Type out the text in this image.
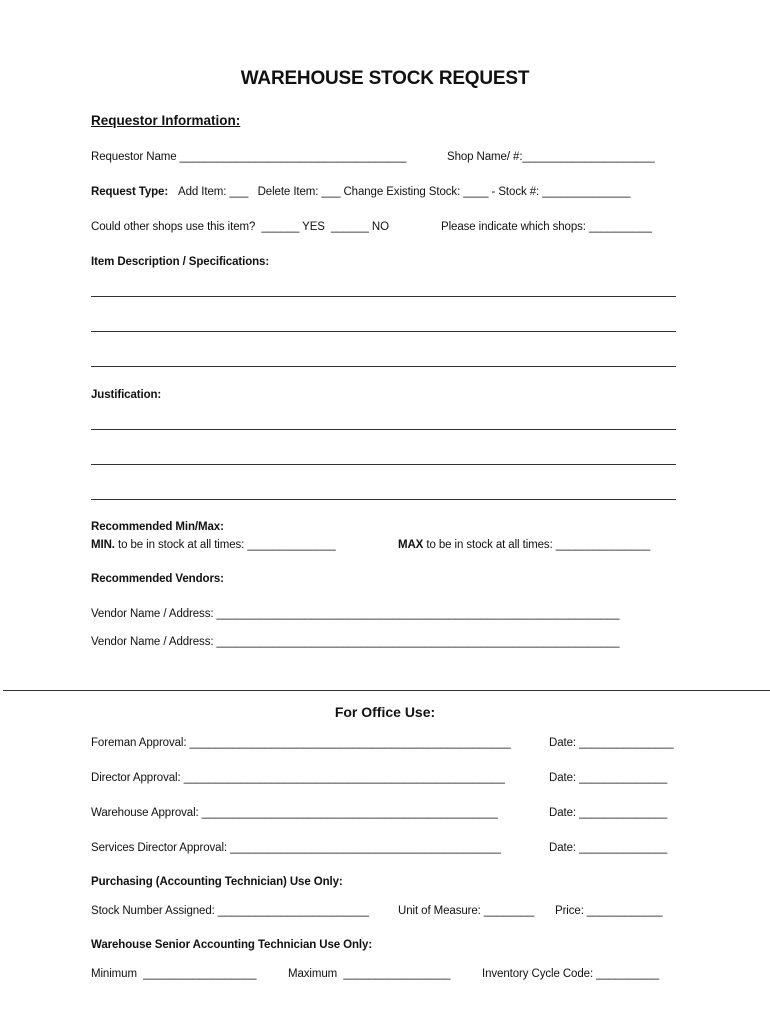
WAREHOUSE STOCK REQUEST
Requestor Information:
Requestor Name ____________________________________	Shop Name/ #:_____________________
Request Type: Add Item: ___   Delete Item: ___ Change Existing Stock: ____ - Stock #: ______________
Could other shops use this item?  ______ YES  ______ NO	Please indicate which shops: __________
Item Description / Specifications:
Justification:
Recommended Min/Max:
MIN. to be in stock at all times: ______________	MAX to be in stock at all times: _______________
Recommended Vendors:
Vendor Name / Address: ________________________________________________________________
Vendor Name / Address: ________________________________________________________________
For Office Use:
Foreman Approval: ___________________________________________________	Date: _______________
Director Approval: ___________________________________________________	Date: ______________
Warehouse Approval: _______________________________________________	Date: ______________
Services Director Approval: ___________________________________________	Date: ______________
Purchasing (Accounting Technician) Use Only:
Stock Number Assigned: ________________________	Unit of Measure: ________ Price: ____________
Warehouse Senior Accounting Technician Use Only:
Minimum  __________________	Maximum  _________________	Inventory Cycle Code: __________
